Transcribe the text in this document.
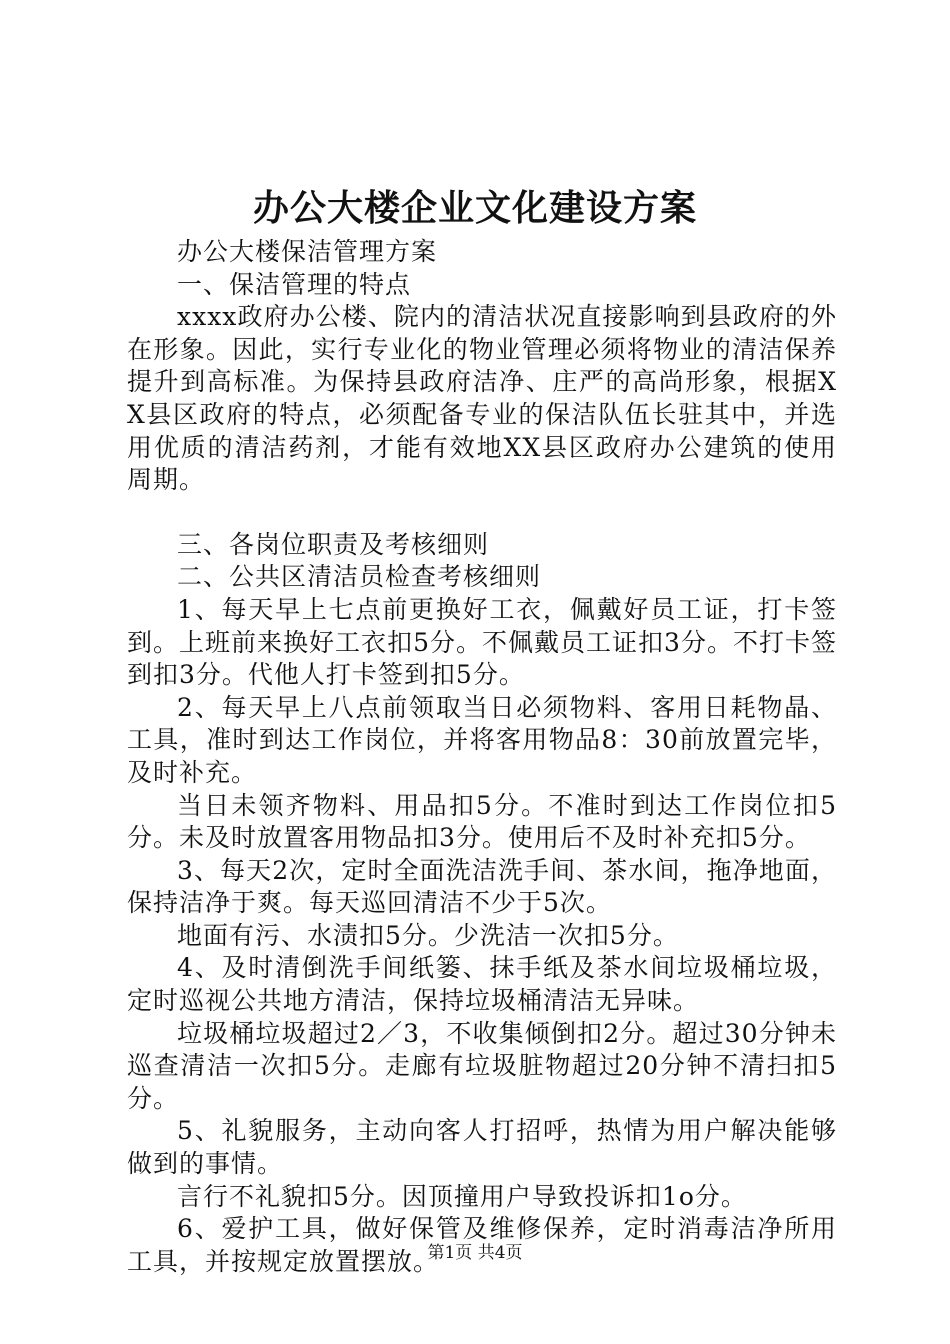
办公大楼企业文化建设方案

办公大楼保洁管理方案

一、保洁管理的特点

xxxx政府办公楼、院内的清洁状况直接影响到县政府的外在形象。因此，实行专业化的物业管理必须将物业的清洁保养提升到高标准。为保持县政府洁净、庄严的高尚形象，根据XX县区政府的特点，必须配备专业的保洁队伍长驻其中，并选用优质的清洁药剂，才能有效地XX县区政府办公建筑的使用周期。

三、各岗位职责及考核细则

二、公共区清洁员检查考核细则

1、每天早上七点前更换好工衣，佩戴好员工证，打卡签到。上班前来换好工衣扣5分。不佩戴员工证扣3分。不打卡签到扣3分。代他人打卡签到扣5分。

2、每天早上八点前领取当日必须物料、客用日耗物晶、工具，准时到达工作岗位，并将客用物品8：30前放置完毕，及时补充。

当日未领齐物料、用品扣5分。不准时到达工作岗位扣5分。未及时放置客用物品扣3分。使用后不及时补充扣5分。

3、每天2次，定时全面洗洁洗手间、茶水间，拖净地面，保持洁净于爽。每天巡回清洁不少于5次。

地面有污、水渍扣5分。少洗洁一次扣5分。

4、及时清倒洗手间纸篓、抹手纸及茶水间垃圾桶垃圾，定时巡视公共地方清洁，保持垃圾桶清洁无异味。

垃圾桶垃圾超过2／3，不收集倾倒扣2分。超过30分钟未巡查清洁一次扣5分。走廊有垃圾脏物超过20分钟不清扫扣5分。

5、礼貌服务，主动向客人打招呼，热情为用户解决能够做到的事情。

言行不礼貌扣5分。因顶撞用户导致投诉扣1o分。

6、爱护工具，做好保管及维修保养，定时消毒洁净所用工具，并按规定放置摆放。

第1页 共4页
